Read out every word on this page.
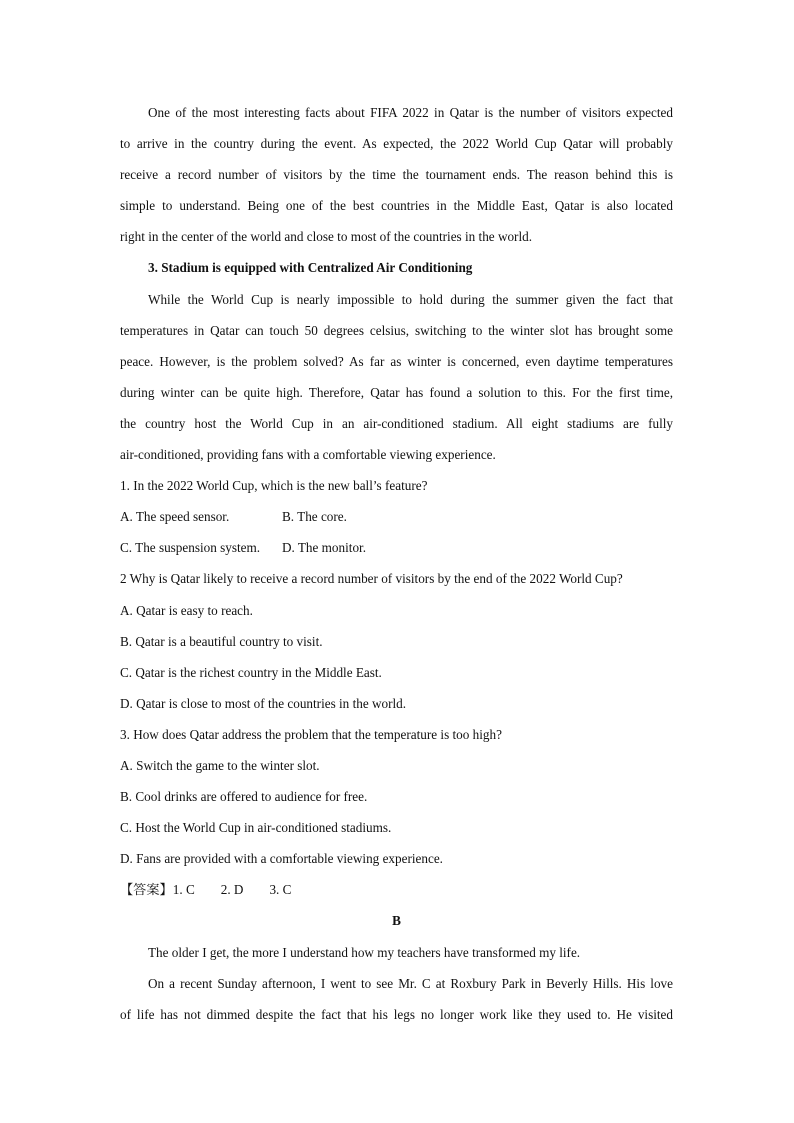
One of the most interesting facts about FIFA 2022 in Qatar is the number of visitors expected

to arrive in the country during the event. As expected, the 2022 World Cup Qatar will probably

receive a record number of visitors by the time the tournament ends. The reason behind this is

simple to understand. Being one of the best countries in the Middle East, Qatar is also located

right in the center of the world and close to most of the countries in the world.

3. Stadium is equipped with Centralized Air Conditioning

While the World Cup is nearly impossible to hold during the summer given the fact that

temperatures in Qatar can touch 50 degrees celsius, switching to the winter slot has brought some

peace. However, is the problem solved? As far as winter is concerned, even daytime temperatures

during winter can be quite high. Therefore, Qatar has found a solution to this. For the first time,

the country host the World Cup in an air-conditioned stadium. All eight stadiums are fully

air-conditioned, providing fans with a comfortable viewing experience.

1. In the 2022 World Cup, which is the new ball’s feature?

A. The speed sensor.	B. The core.

C. The suspension system.	D. The monitor.

2 Why is Qatar likely to receive a record number of visitors by the end of the 2022 World Cup?

A. Qatar is easy to reach.

B. Qatar is a beautiful country to visit.

C. Qatar is the richest country in the Middle East.

D. Qatar is close to most of the countries in the world.

3. How does Qatar address the problem that the temperature is too high?

A. Switch the game to the winter slot.

B. Cool drinks are offered to audience for free.

C. Host the World Cup in air-conditioned stadiums.

D. Fans are provided with a comfortable viewing experience.

【答案】1. C 2. D 3. C

B

The older I get, the more I understand how my teachers have transformed my life.

On a recent Sunday afternoon, I went to see Mr. C at Roxbury Park in Beverly Hills. His love

of life has not dimmed despite the fact that his legs no longer work like they used to. He visited
